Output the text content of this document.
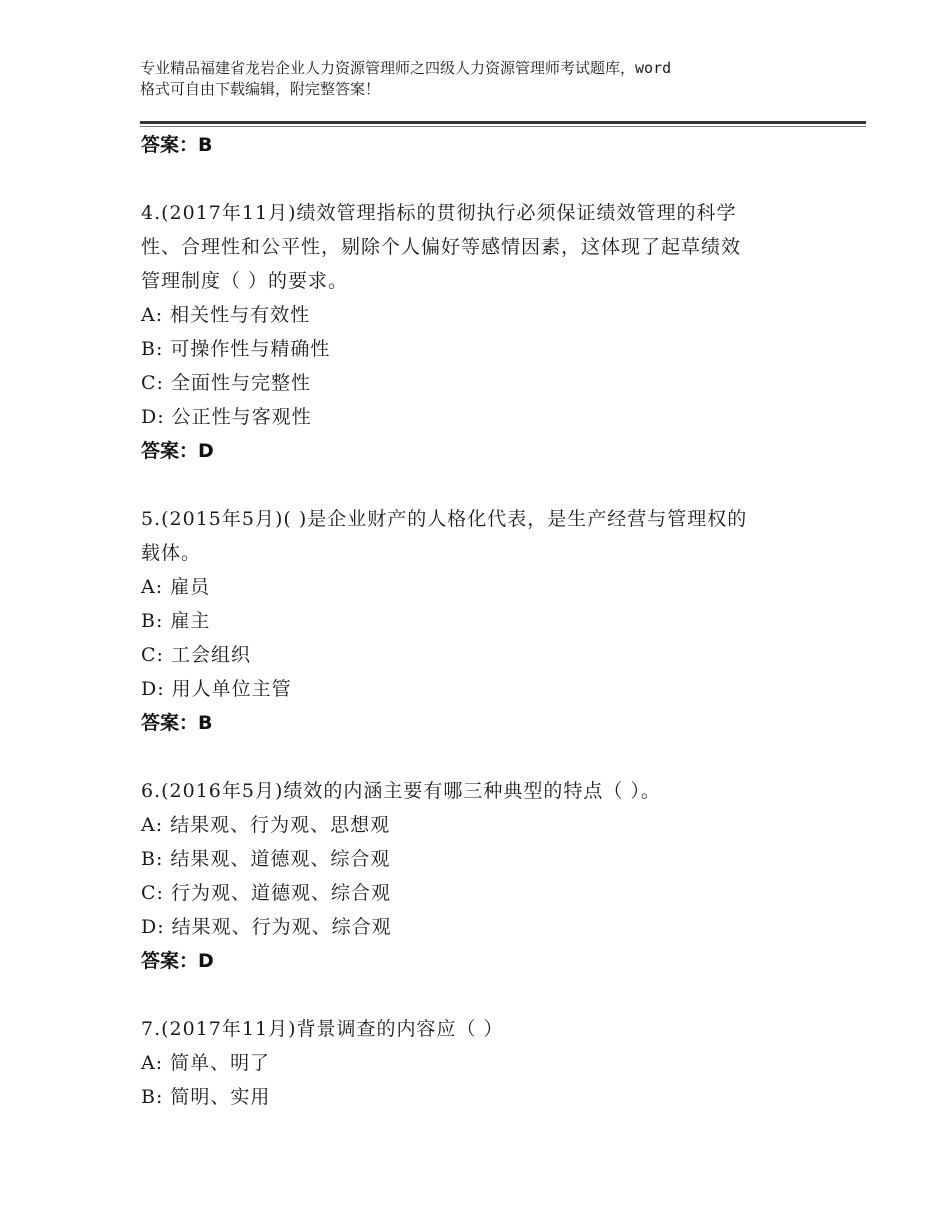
专业精品福建省龙岩企业人力资源管理师之四级人力资源管理师考试题库，word
格式可自由下载编辑，附完整答案！
答案：B
4.(2017年11月)绩效管理指标的贯彻执行必须保证绩效管理的科学
性、合理性和公平性，剔除个人偏好等感情因素，这体现了起草绩效
管理制度（ ）的要求。
A: 相关性与有效性
B: 可操作性与精确性
C: 全面性与完整性
D: 公正性与客观性
答案：D
5.(2015年5月)( )是企业财产的人格化代表，是生产经营与管理权的
载体。
A: 雇员
B: 雇主
C: 工会组织
D: 用人单位主管
答案：B
6.(2016年5月)绩效的内涵主要有哪三种典型的特点（ ）。
A: 结果观、行为观、思想观
B: 结果观、道德观、综合观
C: 行为观、道德观、综合观
D: 结果观、行为观、综合观
答案：D
7.(2017年11月)背景调查的内容应（ ）
A: 简单、明了
B: 简明、实用
